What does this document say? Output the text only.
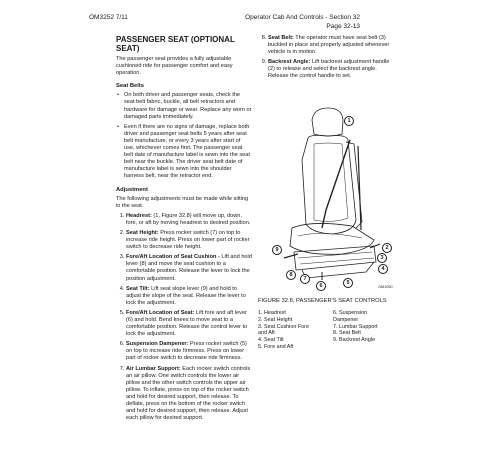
OM3252 7/11	Operator Cab And Controls - Section 32
Page 32-13
PASSENGER SEAT (OPTIONAL SEAT)

The passenger seat provides a fully adjustable cushioned ride for passenger comfort and easy operation.

Seat Belts
• On both driver and passenger seats, check the seat belt fabric, buckle, all belt retractors and hardware for damage or wear. Replace any worn or damaged parts immediately.
• Even if there are no signs of damage, replace both driver and passenger seat belts 5 years after seat belt manufacture, or every 3 years after start of use, whichever comes first. The passenger seat belt date of manufacture label is sewn into the seat belt near the buckle. The driver seat belt date of manufacture label is sewn into the shoulder harness belt, near the retractor end.
Adjustment

The following adjustments must be made while sitting in the seat.

1. Headrest: (1, Figure 32.8) will move up, down, fore, or aft by moving headrest to desired position.
2. Seat Height: Press rocker switch (7) on top to increase ride height. Press on lower part of rocker switch to decrease ride height.
3. Fore/Aft Location of Seat Cushion - Lift and hold lever (8) and move the seat cushion to a comfortable position. Release the lever to lock the position adjustment.
4. Seat Tilt: Lift seat slope lever (9) and hold to adjust the slope of the seat. Release the lever to lock the adjustment.
5. Fore/Aft Location of Seat: Lift fore and aft lever (6) and hold. Bend knees to move seat to a comfortable position. Release the control lever to lock the adjustment.
6. Suspension Dampener: Press rocker switch (5) on top to increase ride firmness. Press on lower part of rocker switch to decrease ride firmness.
7. Air Lumbar Support: Each rocker switch controls an air pillow. One switch controls the lower air pillow and the other switch controls the upper air pillow. To inflate, press on top of the rocker switch and hold for desired support, then release. To deflate, press on the bottom of the rocker switch and hold for desired support, then release. Adjust each pillow for desired support.
8. Seat Belt: The operator must have seat belt (3) buckled in place and properly adjusted whenever vehicle is in motion.
9. Backrest Angle: Lift backrest adjustment handle (2) to release and select the backrest angle. Release the control handle to set.
1
2
3
4
5
6
7
8
9
OM1050
FIGURE 32.8, PASSENGER'S SEAT CONTROLS
1. Headrest
2. Seat Height
3. Seat Cushion Fore
and Aft
4. Seat Tilt
5. Fore and Aft
6. Suspension
Dampener
7. Lumbar Support
8. Seat Belt
9. Backrest Angle
